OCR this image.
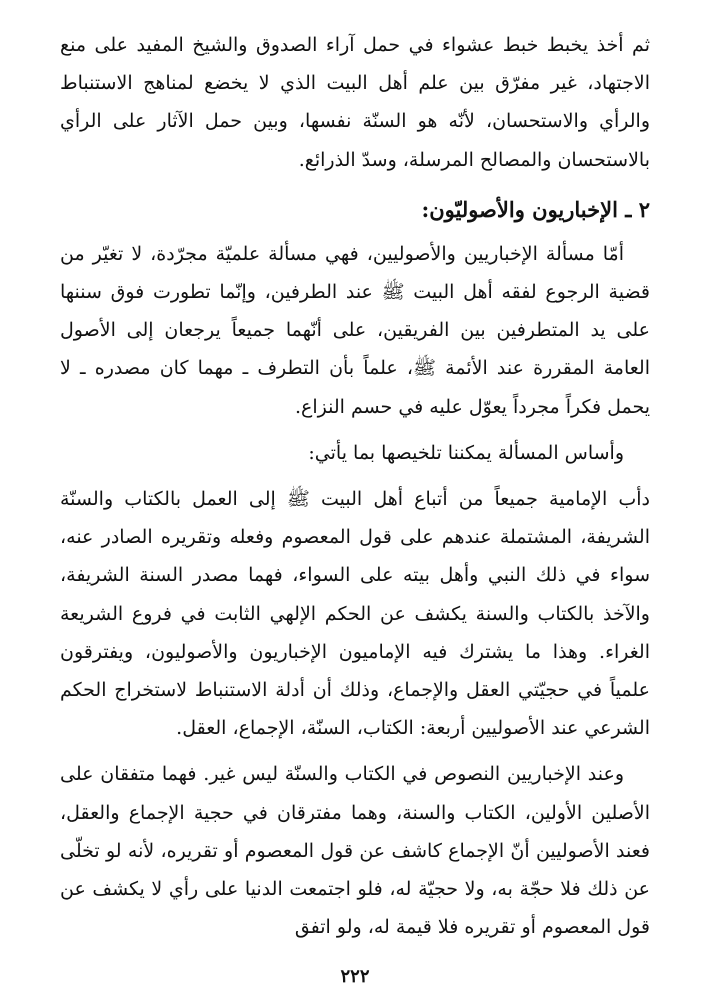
ثم أخذ يخبط خبط عشواء في حمل آراء الصدوق والشيخ المفيد على منع الاجتهاد، غير مفرّق بين علم أهل البيت الذي لا يخضع لمناهج الاستنباط والرأي والاستحسان، لأنّه هو السنّة نفسها، وبين حمل الآثار على الرأي بالاستحسان والمصالح المرسلة، وسدّ الذرائع.

٢ ـ الإخباريون والأصوليّون:

أمّا مسألة الإخباريين والأصوليين، فهي مسألة علميّة مجرّدة، لا تغيّر من قضية الرجوع لفقه أهل البيت ﷺ عند الطرفين، وإنّما تطورت فوق سننها على يد المتطرفين بين الفريقين، على أنّهما جميعاً يرجعان إلى الأصول العامة المقررة عند الأئمة ﷺ، علماً بأن التطرف ـ مهما كان مصدره ـ لا يحمل فكراً مجرداً يعوّل عليه في حسم النزاع.

وأساس المسألة يمكننا تلخيصها بما يأتي:

دأب الإمامية جميعاً من أتباع أهل البيت ﷺ إلى العمل بالكتاب والسنّة الشريفة، المشتملة عندهم على قول المعصوم وفعله وتقريره الصادر عنه، سواء في ذلك النبي وأهل بيته على السواء، فهما مصدر السنة الشريفة، والآخذ بالكتاب والسنة يكشف عن الحكم الإلهي الثابت في فروع الشريعة الغراء. وهذا ما يشترك فيه الإماميون الإخباريون والأصوليون، ويفترقون علمياً في حجيّتي العقل والإجماع، وذلك أن أدلة الاستنباط لاستخراج الحكم الشرعي عند الأصوليين أربعة: الكتاب، السنّة، الإجماع، العقل.

وعند الإخباريين النصوص في الكتاب والسنّة ليس غير. فهما متفقان على الأصلين الأولين، الكتاب والسنة، وهما مفترقان في حجية الإجماع والعقل، فعند الأصوليين أنّ الإجماع كاشف عن قول المعصوم أو تقريره، لأنه لو تخلّى عن ذلك فلا حجّة به، ولا حجيّة له، فلو اجتمعت الدنيا على رأي لا يكشف عن قول المعصوم أو تقريره فلا قيمة له، ولو اتفق

٢٢٢
